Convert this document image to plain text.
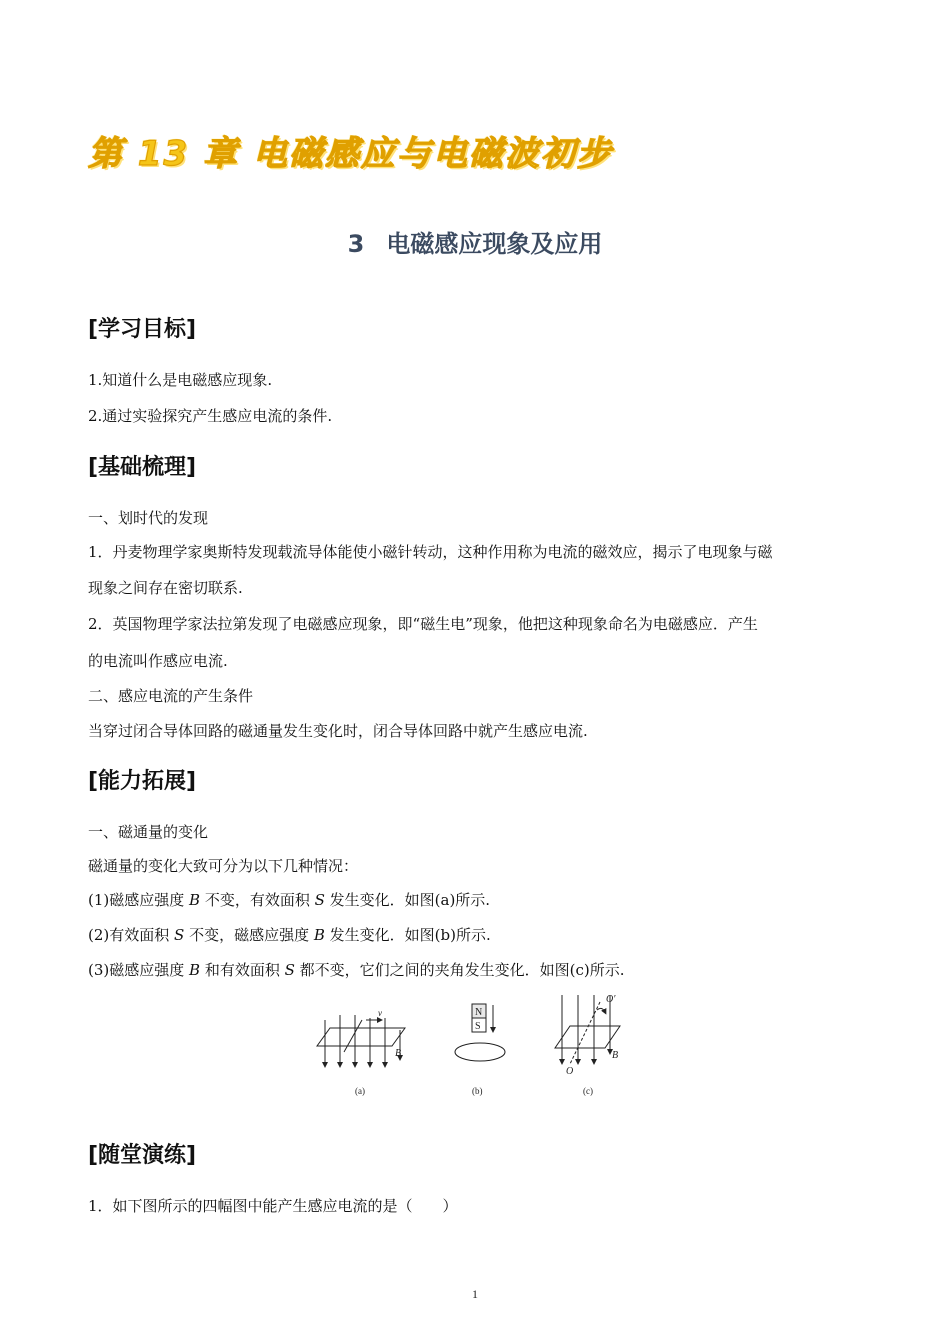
第 13 章 电磁感应与电磁波初步
3 电磁感应现象及应用
[学习目标]
1.知道什么是电磁感应现象.
2.通过实验探究产生感应电流的条件.
[基础梳理]
一、划时代的发现
1．丹麦物理学家奥斯特发现载流导体能使小磁针转动，这种作用称为电流的磁效应，揭示了电现象与磁
现象之间存在密切联系.
2．英国物理学家法拉第发现了电磁感应现象，即“磁生电”现象，他把这种现象命名为电磁感应．产生
的电流叫作感应电流.
二、感应电流的产生条件
当穿过闭合导体回路的磁通量发生变化时，闭合导体回路中就产生感应电流.
[能力拓展]
一、磁通量的变化
磁通量的变化大致可分为以下几种情况：
(1)磁感应强度 B 不变，有效面积 S 发生变化．如图(a)所示.
(2)有效面积 S 不变，磁感应强度 B 发生变化．如图(b)所示.
(3)磁感应强度 B 和有效面积 S 都不变，它们之间的夹角发生变化．如图(c)所示.
v
B
(a)
N
S
(b)
O′
B
O
(c)
[随堂演练]
1．如下图所示的四幅图中能产生感应电流的是（　　）
1
